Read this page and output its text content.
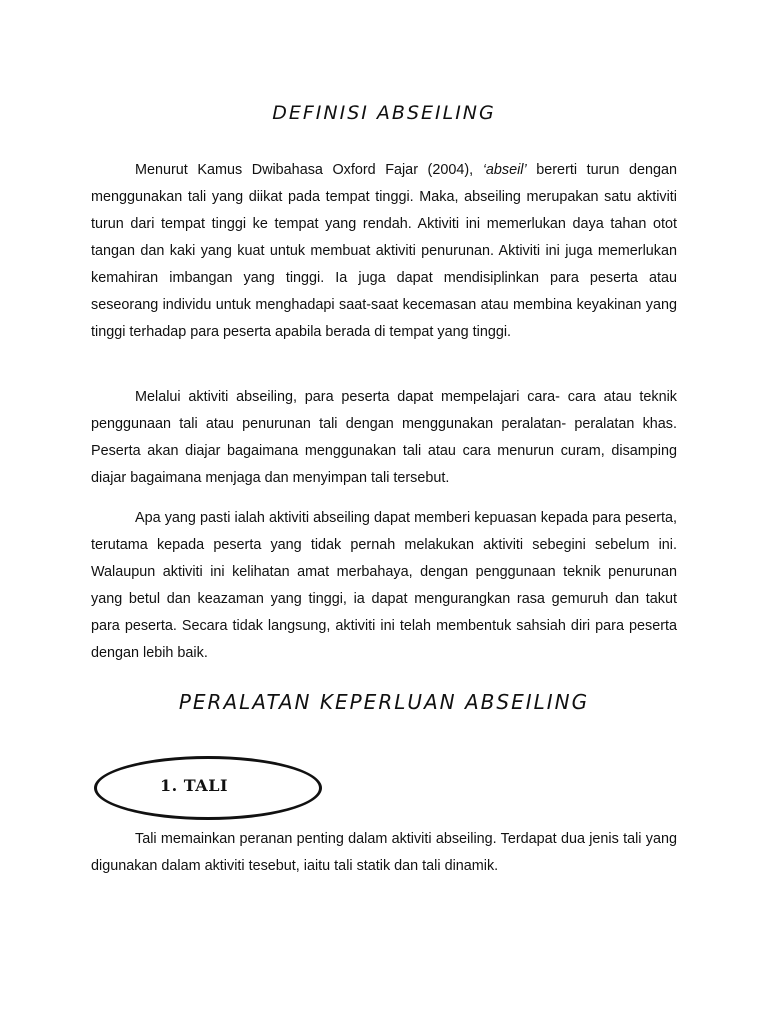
DEFINISI ABSEILING

Menurut Kamus Dwibahasa Oxford Fajar (2004), ‘abseil’ bererti turun dengan menggunakan tali yang diikat pada tempat tinggi. Maka, abseiling merupakan satu aktiviti turun dari tempat tinggi ke tempat yang rendah. Aktiviti ini memerlukan daya tahan otot tangan dan kaki yang kuat untuk membuat aktiviti penurunan. Aktiviti ini juga memerlukan kemahiran imbangan yang tinggi. Ia juga dapat mendisiplinkan para peserta atau seseorang individu untuk menghadapi saat-saat kecemasan atau membina keyakinan yang tinggi terhadap para peserta apabila berada di tempat yang tinggi.

Melalui aktiviti abseiling, para peserta dapat mempelajari cara- cara atau teknik penggunaan tali atau penurunan tali dengan menggunakan peralatan- peralatan khas. Peserta akan diajar bagaimana menggunakan tali atau cara menurun curam, disamping diajar bagaimana menjaga dan menyimpan tali tersebut.

Apa yang pasti ialah aktiviti abseiling dapat memberi kepuasan kepada para peserta, terutama kepada peserta yang tidak pernah melakukan aktiviti sebegini sebelum ini. Walaupun aktiviti ini kelihatan amat merbahaya, dengan penggunaan teknik penurunan yang betul dan keazaman yang tinggi, ia dapat mengurangkan rasa gemuruh dan takut para peserta. Secara tidak langsung, aktiviti ini telah membentuk sahsiah diri para peserta dengan lebih baik.

PERALATAN KEPERLUAN ABSEILING
1. TALI

Tali memainkan peranan penting dalam aktiviti abseiling. Terdapat dua jenis tali yang digunakan dalam aktiviti tesebut, iaitu tali statik dan tali dinamik.
